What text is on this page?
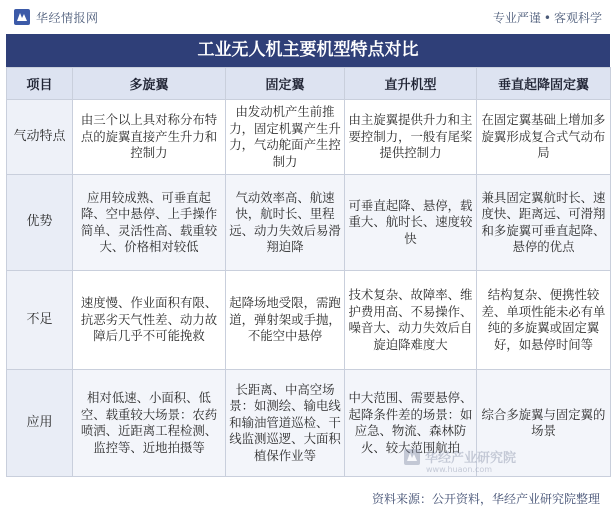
华经情报网	专业严谨 • 客观科学
工业无人机主要机型特点对比
项目	多旋翼	固定翼	直升机型	垂直起降固定翼
气动特点	由三个以上具对称分布特点的旋翼直接产生升力和控制力	由发动机产生前推力，固定机翼产生升力，气动舵面产生控制力	由主旋翼提供升力和主要控制力，一般有尾桨提供控制力	在固定翼基础上增加多旋翼形成复合式气动布局
优势	应用较成熟、可垂直起降、空中悬停、上手操作简单、灵活性高、载重较大、价格相对较低	气动效率高、航速快，航时长、里程远、动力失效后易滑翔迫降	可垂直起降、悬停，载重大、航时长、速度较快	兼具固定翼航时长、速度快、距离远、可滑翔和多旋翼可垂直起降、悬停的优点
不足	速度慢、作业面积有限、抗恶劣天气性差、动力故障后几乎不可能挽救	起降场地受限，需跑道，弹射架或手抛，不能空中悬停	技术复杂、故障率、维护费用高、不易操作、噪音大、动力失效后自旋迫降难度大	结构复杂、便携性较差、单项性能未必有单纯的多旋翼或固定翼好，如悬停时间等
应用	相对低速、小面积、低空、载重较大场景：农药喷洒、近距离工程检测、监控等、近地拍摄等	长距离、中高空场景：如测绘、输电线和输油管道巡检、干线监测巡逻、大面积植保作业等	中大范围、需要悬停、起降条件差的场景：如应急、物流、森林防火、较大范围航拍	综合多旋翼与固定翼的场景
华经产业研究院
www.huaon.com
资料来源：公开资料，华经产业研究院整理
